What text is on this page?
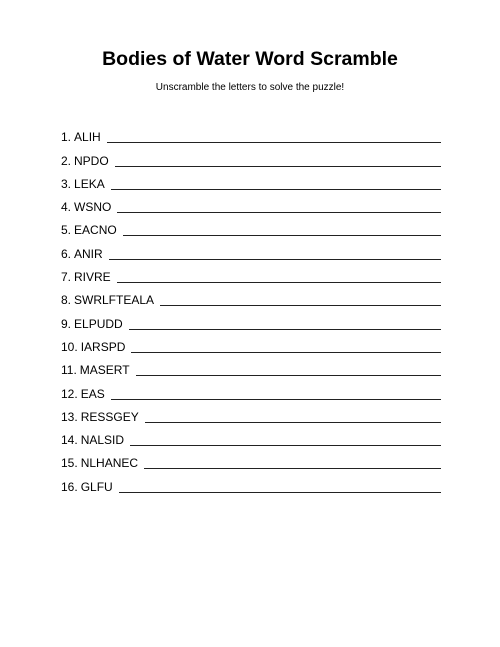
Bodies of Water Word Scramble
Unscramble the letters to solve the puzzle!
1. ALIH
2. NPDO
3. LEKA
4. WSNO
5. EACNO
6. ANIR
7. RIVRE
8. SWRLFTEALA
9. ELPUDD
10. IARSPD
11. MASERT
12. EAS
13. RESSGEY
14. NALSID
15. NLHANEC
16. GLFU
